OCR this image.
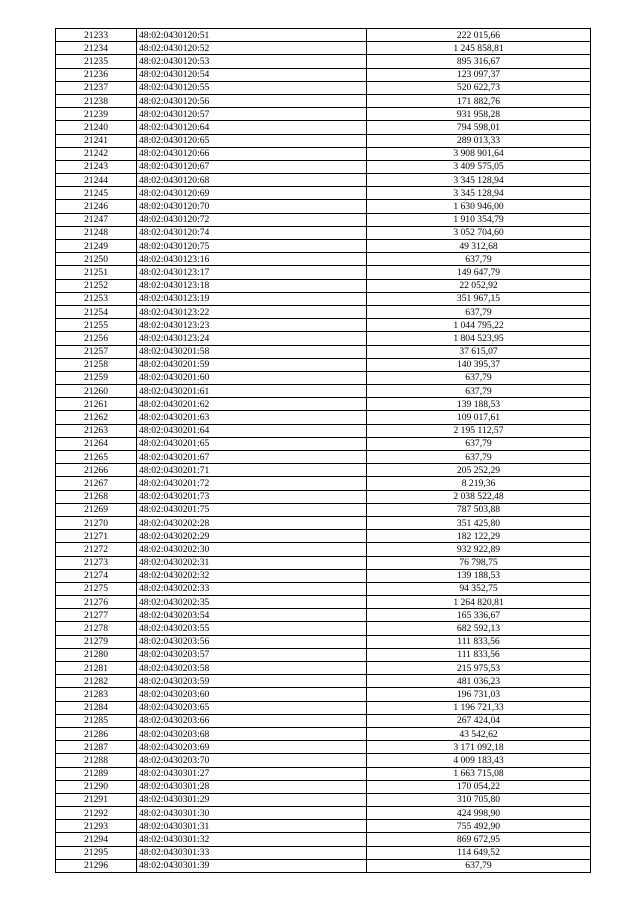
21233	48:02:0430120:51	222 015,66
21234	48:02:0430120:52	1 245 858,81
21235	48:02:0430120:53	895 316,67
21236	48:02:0430120:54	123 097,37
21237	48:02:0430120:55	520 622,73
21238	48:02:0430120:56	171 882,76
21239	48:02:0430120:57	931 958,28
21240	48:02:0430120:64	794 598,01
21241	48:02:0430120:65	289 013,33
21242	48:02:0430120:66	3 908 901,64
21243	48:02:0430120:67	3 409 575,05
21244	48:02:0430120:68	3 345 128,94
21245	48:02:0430120:69	3 345 128,94
21246	48:02:0430120:70	1 630 946,00
21247	48:02:0430120:72	1 910 354,79
21248	48:02:0430120:74	3 052 704,60
21249	48:02:0430120:75	49 312,68
21250	48:02:0430123:16	637,79
21251	48:02:0430123:17	149 647,79
21252	48:02:0430123:18	22 052,92
21253	48:02:0430123:19	351 967,15
21254	48:02:0430123:22	637,79
21255	48:02:0430123:23	1 044 795,22
21256	48:02:0430123:24	1 804 523,95
21257	48:02:0430201:58	37 615,07
21258	48:02:0430201:59	140 395,37
21259	48:02:0430201:60	637,79
21260	48:02:0430201:61	637,79
21261	48:02:0430201:62	139 188,53
21262	48:02:0430201:63	109 017,61
21263	48:02:0430201:64	2 195 112,57
21264	48:02:0430201:65	637,79
21265	48:02:0430201:67	637,79
21266	48:02:0430201:71	205 252,29
21267	48:02:0430201:72	8 219,36
21268	48:02:0430201:73	2 038 522,48
21269	48:02:0430201:75	787 503,88
21270	48:02:0430202:28	351 425,80
21271	48:02:0430202:29	182 122,29
21272	48:02:0430202:30	932 922,89
21273	48:02:0430202:31	76 798,75
21274	48:02:0430202:32	139 188,53
21275	48:02:0430202:33	94 352,75
21276	48:02:0430202:35	1 264 820,81
21277	48:02:0430203:54	165 336,67
21278	48:02:0430203:55	682 592,13
21279	48:02:0430203:56	111 833,56
21280	48:02:0430203:57	111 833,56
21281	48:02:0430203:58	215 975,53
21282	48:02:0430203:59	481 036,23
21283	48:02:0430203:60	196 731,03
21284	48:02:0430203:65	1 196 721,33
21285	48:02:0430203:66	267 424,04
21286	48:02:0430203:68	43 542,62
21287	48:02:0430203:69	3 171 092,18
21288	48:02:0430203:70	4 009 183,43
21289	48:02:0430301:27	1 663 715,08
21290	48:02:0430301:28	170 054,22
21291	48:02:0430301:29	310 705,80
21292	48:02:0430301:30	424 998,90
21293	48:02:0430301:31	755 492,90
21294	48:02:0430301:32	869 672,95
21295	48:02:0430301:33	114 649,52
21296	48:02:0430301:39	637,79
